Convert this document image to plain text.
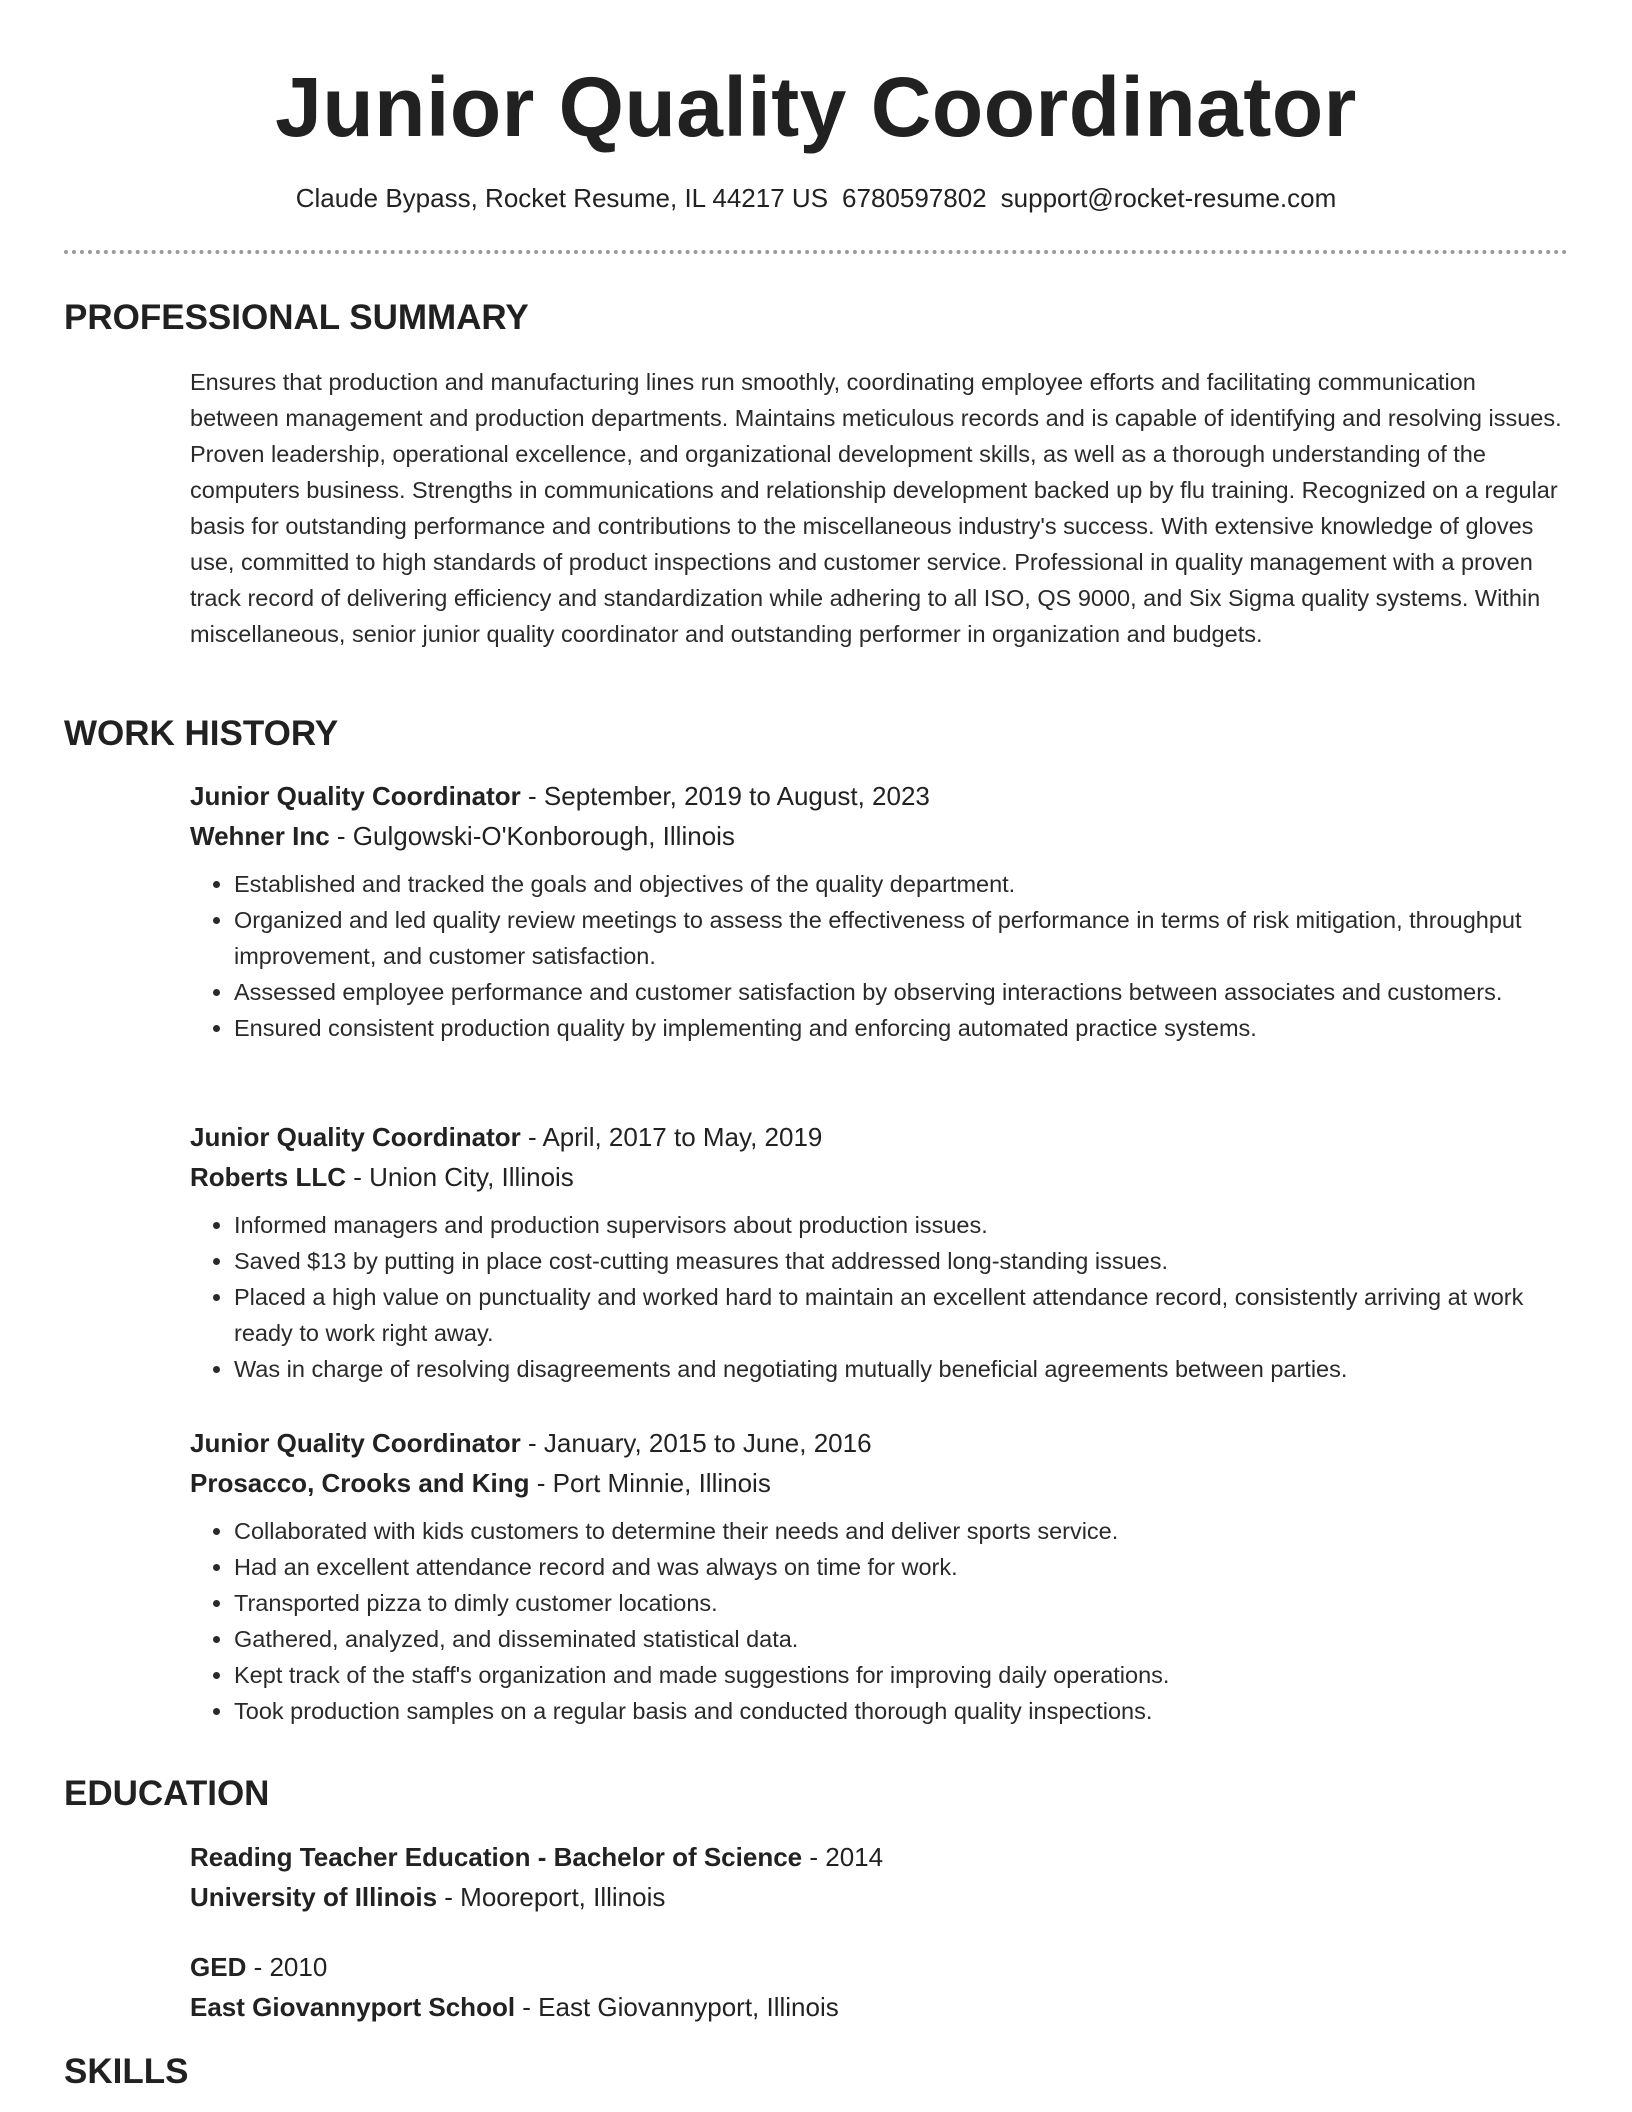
Junior Quality Coordinator
Claude Bypass, Rocket Resume, IL 44217 US 6780597802 support@rocket-resume.com
PROFESSIONAL SUMMARY

Ensures that production and manufacturing lines run smoothly, coordinating employee efforts and facilitating communication between management and production departments. Maintains meticulous records and is capable of identifying and resolving issues. Proven leadership, operational excellence, and organizational development skills, as well as a thorough understanding of the computers business. Strengths in communications and relationship development backed up by flu training. Recognized on a regular basis for outstanding performance and contributions to the miscellaneous industry's success. With extensive knowledge of gloves use, committed to high standards of product inspections and customer service. Professional in quality management with a proven track record of delivering efficiency and standardization while adhering to all ISO, QS 9000, and Six Sigma quality systems. Within miscellaneous, senior junior quality coordinator and outstanding performer in organization and budgets.

WORK HISTORY
Junior Quality Coordinator - September, 2019 to August, 2023
Wehner Inc - Gulgowski-O'Konborough, Illinois
• Established and tracked the goals and objectives of the quality department.
• Organized and led quality review meetings to assess the effectiveness of performance in terms of risk mitigation, throughput improvement, and customer satisfaction.
• Assessed employee performance and customer satisfaction by observing interactions between associates and customers.
• Ensured consistent production quality by implementing and enforcing automated practice systems.
Junior Quality Coordinator - April, 2017 to May, 2019
Roberts LLC - Union City, Illinois
• Informed managers and production supervisors about production issues.
• Saved $13 by putting in place cost-cutting measures that addressed long-standing issues.
• Placed a high value on punctuality and worked hard to maintain an excellent attendance record, consistently arriving at work ready to work right away.
• Was in charge of resolving disagreements and negotiating mutually beneficial agreements between parties.
Junior Quality Coordinator - January, 2015 to June, 2016
Prosacco, Crooks and King - Port Minnie, Illinois
• Collaborated with kids customers to determine their needs and deliver sports service.
• Had an excellent attendance record and was always on time for work.
• Transported pizza to dimly customer locations.
• Gathered, analyzed, and disseminated statistical data.
• Kept track of the staff's organization and made suggestions for improving daily operations.
• Took production samples on a regular basis and conducted thorough quality inspections.
EDUCATION
Reading Teacher Education - Bachelor of Science - 2014
University of Illinois - Mooreport, Illinois
GED - 2010
East Giovannyport School - East Giovannyport, Illinois
SKILLS
